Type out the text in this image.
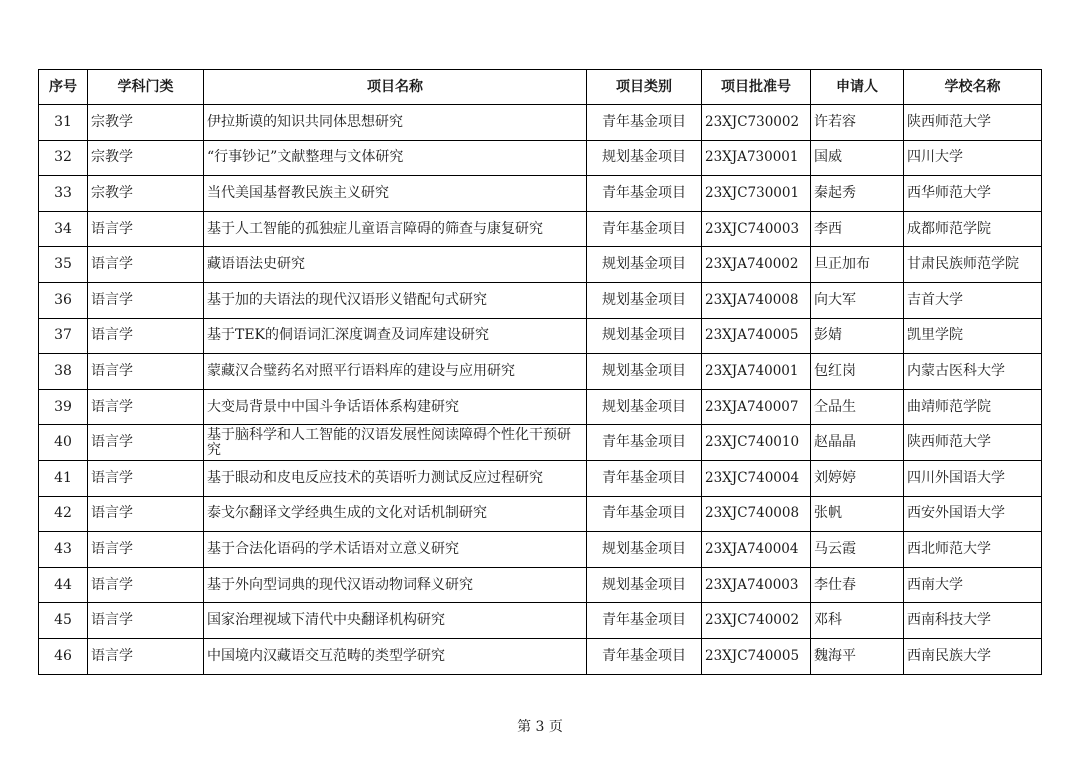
序号	学科门类	项目名称	项目类别	项目批准号	申请人	学校名称
31	宗教学	伊拉斯谟的知识共同体思想研究	青年基金项目	23XJC730002	许若容	陕西师范大学
32	宗教学	“行事钞记”文献整理与文体研究	规划基金项目	23XJA730001	国威	四川大学
33	宗教学	当代美国基督教民族主义研究	青年基金项目	23XJC730001	秦起秀	西华师范大学
34	语言学	基于人工智能的孤独症儿童语言障碍的筛查与康复研究	青年基金项目	23XJC740003	李西	成都师范学院
35	语言学	藏语语法史研究	规划基金项目	23XJA740002	旦正加布	甘肃民族师范学院
36	语言学	基于加的夫语法的现代汉语形义错配句式研究	规划基金项目	23XJA740008	向大军	吉首大学
37	语言学	基于TEK的侗语词汇深度调查及词库建设研究	规划基金项目	23XJA740005	彭婧	凯里学院
38	语言学	蒙藏汉合璧药名对照平行语料库的建设与应用研究	规划基金项目	23XJA740001	包红岗	内蒙古医科大学
39	语言学	大变局背景中中国斗争话语体系构建研究	规划基金项目	23XJA740007	仝品生	曲靖师范学院
40	语言学	基于脑科学和人工智能的汉语发展性阅读障碍个性化干预研究	青年基金项目	23XJC740010	赵晶晶	陕西师范大学
41	语言学	基于眼动和皮电反应技术的英语听力测试反应过程研究	青年基金项目	23XJC740004	刘婷婷	四川外国语大学
42	语言学	泰戈尔翻译文学经典生成的文化对话机制研究	青年基金项目	23XJC740008	张帆	西安外国语大学
43	语言学	基于合法化语码的学术话语对立意义研究	规划基金项目	23XJA740004	马云霞	西北师范大学
44	语言学	基于外向型词典的现代汉语动物词释义研究	规划基金项目	23XJA740003	李仕春	西南大学
45	语言学	国家治理视域下清代中央翻译机构研究	青年基金项目	23XJC740002	邓科	西南科技大学
46	语言学	中国境内汉藏语交互范畴的类型学研究	青年基金项目	23XJC740005	魏海平	西南民族大学
第 3 页
